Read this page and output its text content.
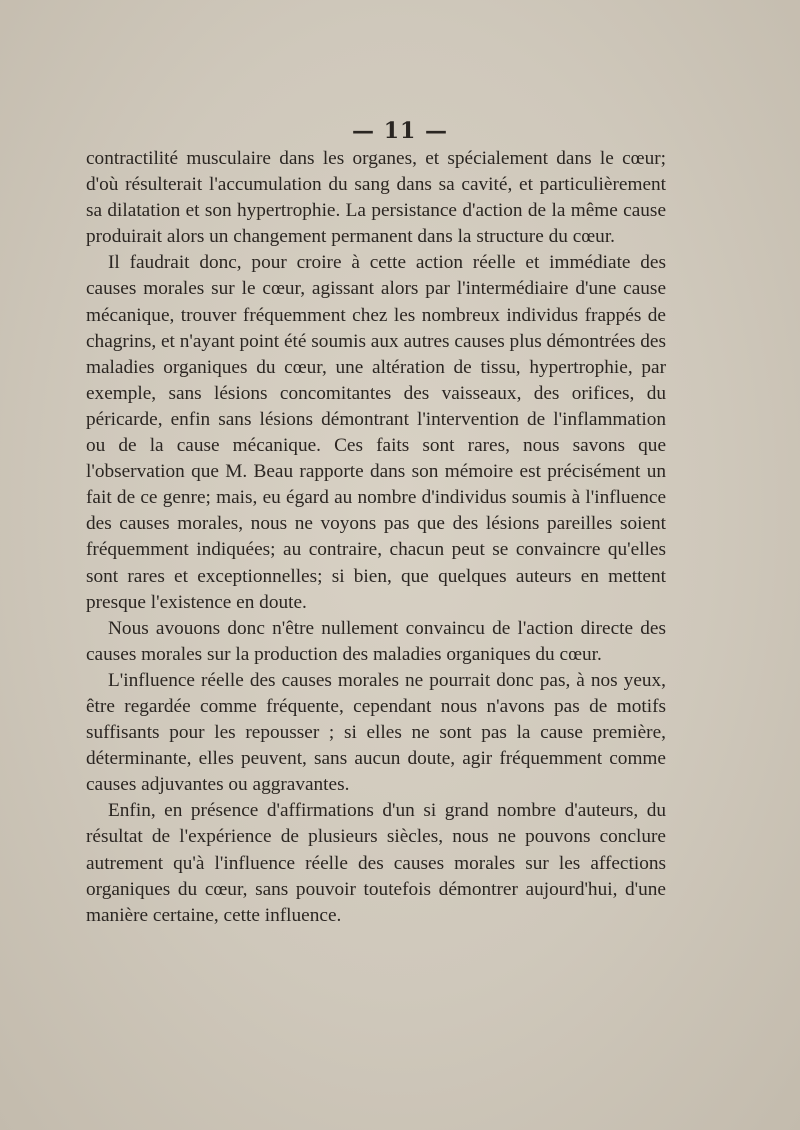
— 11 —

contractilité musculaire dans les organes, et spécialement dans le cœur; d'où résulterait l'accumulation du sang dans sa cavité, et particulièrement sa dilatation et son hypertrophie. La persistance d'action de la même cause produirait alors un changement permanent dans la structure du cœur.

Il faudrait donc, pour croire à cette action réelle et immédiate des causes morales sur le cœur, agissant alors par l'intermédiaire d'une cause mécanique, trouver fréquemment chez les nombreux individus frappés de chagrins, et n'ayant point été soumis aux autres causes plus démontrées des maladies organiques du cœur, une altération de tissu, hypertrophie, par exemple, sans lésions concomitantes des vaisseaux, des orifices, du péricarde, enfin sans lésions démontrant l'intervention de l'inflammation ou de la cause mécanique. Ces faits sont rares, nous savons que l'observation que M. Beau rapporte dans son mémoire est précisément un fait de ce genre; mais, eu égard au nombre d'individus soumis à l'influence des causes morales, nous ne voyons pas que des lésions pareilles soient fréquemment indiquées; au contraire, chacun peut se convaincre qu'elles sont rares et exceptionnelles; si bien, que quelques auteurs en mettent presque l'existence en doute.

Nous avouons donc n'être nullement convaincu de l'action directe des causes morales sur la production des maladies organiques du cœur.

L'influence réelle des causes morales ne pourrait donc pas, à nos yeux, être regardée comme fréquente, cependant nous n'avons pas de motifs suffisants pour les repousser ; si elles ne sont pas la cause première, déterminante, elles peuvent, sans aucun doute, agir fréquemment comme causes adjuvantes ou aggravantes.

Enfin, en présence d'affirmations d'un si grand nombre d'auteurs, du résultat de l'expérience de plusieurs siècles, nous ne pouvons conclure autrement qu'à l'influence réelle des causes morales sur les affections organiques du cœur, sans pouvoir toutefois démontrer aujourd'hui, d'une manière certaine, cette influence.
